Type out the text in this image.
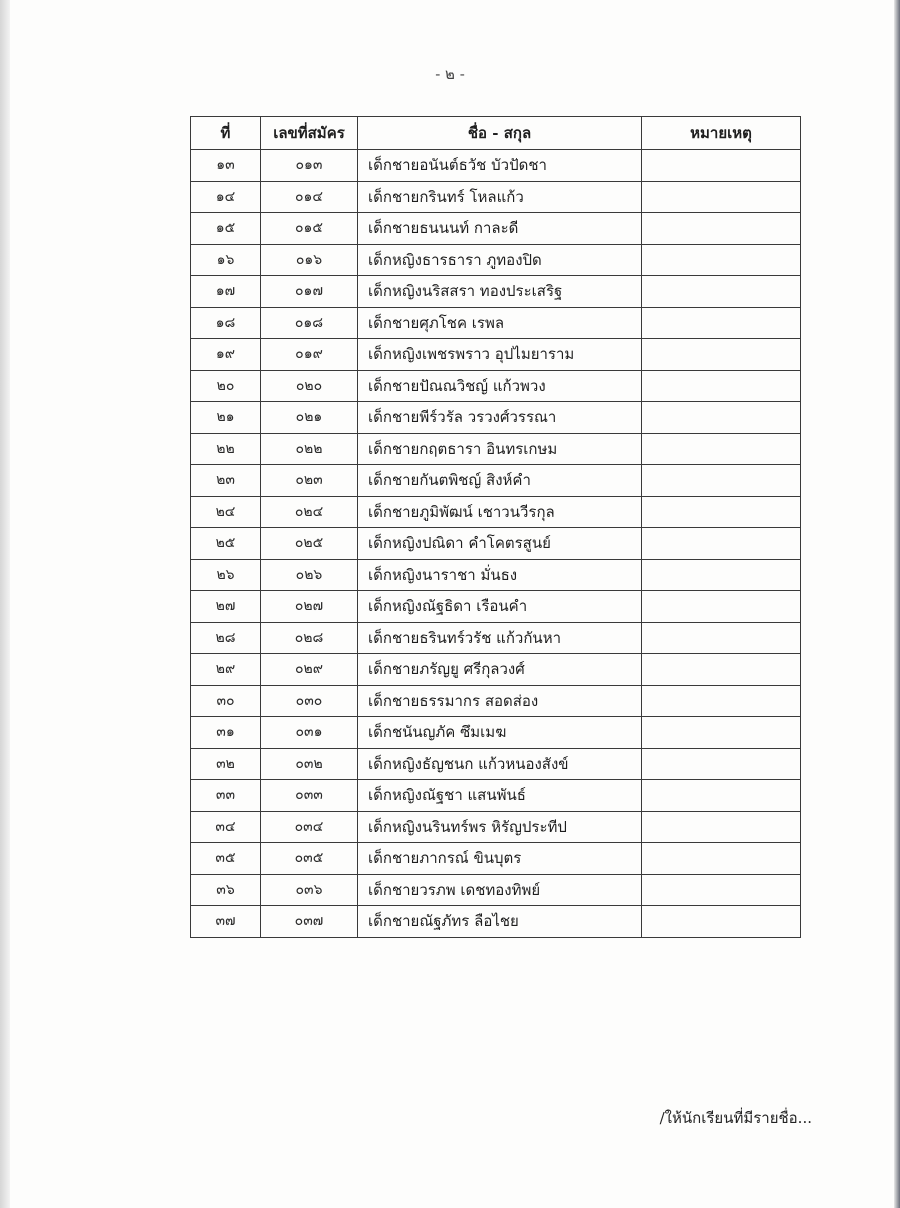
- ๒ -
ที่	เลขที่สมัคร	ชื่อ - สกุล	หมายเหตุ
๑๓	๐๑๓	เด็กชายอนันต์ธวัช บัวปัดชา	
๑๔	๐๑๔	เด็กชายกรินทร์ โหลแก้ว	
๑๕	๐๑๕	เด็กชายธนนนท์ กาละดี	
๑๖	๐๑๖	เด็กหญิงธารธารา ภูทองปิด	
๑๗	๐๑๗	เด็กหญิงนริสสรา ทองประเสริฐ	
๑๘	๐๑๘	เด็กชายศุภโชค เรพล	
๑๙	๐๑๙	เด็กหญิงเพชรพราว อุปไมยาราม	
๒๐	๐๒๐	เด็กชายปัณณวิชญ์ แก้วพวง	
๒๑	๐๒๑	เด็กชายพีร์วรัล วรวงศ์วรรณา	
๒๒	๐๒๒	เด็กชายกฤตธารา อินทรเกษม	
๒๓	๐๒๓	เด็กชายกันตพิชญ์ สิงห์คำ	
๒๔	๐๒๔	เด็กชายภูมิพัฒน์ เชาวนวีรกุล	
๒๕	๐๒๕	เด็กหญิงปณิดา คำโคตรสูนย์	
๒๖	๐๒๖	เด็กหญิงนาราชา มั่นธง	
๒๗	๐๒๗	เด็กหญิงณัฐธิดา เรือนคำ	
๒๘	๐๒๘	เด็กชายธรินทร์วรัช แก้วกันหา	
๒๙	๐๒๙	เด็กชายภรัญยู ศรีกุลวงศ์	
๓๐	๐๓๐	เด็กชายธรรมากร สอดส่อง	
๓๑	๐๓๑	เด็กชนันญภัค ซึมเมฆ	
๓๒	๐๓๒	เด็กหญิงธัญชนก แก้วหนองสังข์	
๓๓	๐๓๓	เด็กหญิงณัฐชา แสนพันธ์	
๓๔	๐๓๔	เด็กหญิงนรินทร์พร หิรัญประทีป	
๓๕	๐๓๕	เด็กชายภากรณ์ ขินบุตร	
๓๖	๐๓๖	เด็กชายวรภพ เดชทองทิพย์	
๓๗	๐๓๗	เด็กชายณัฐภัทร ลือไชย	
/ให้นักเรียนที่มีรายชื่อ...
